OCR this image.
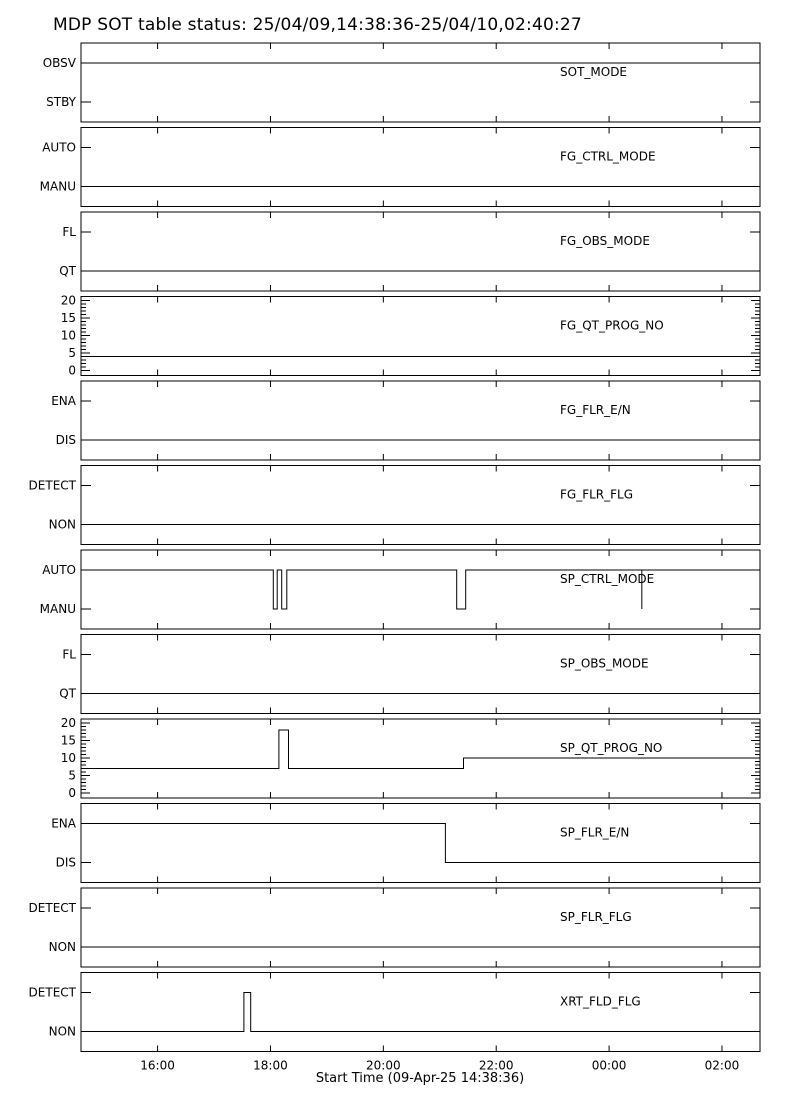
MDP SOT table status: 25/04/09,14:38:36-25/04/10,02:40:27
OBSV
STBY
SOT_MODE
AUTO
MANU
FG_CTRL_MODE
FL
QT
FG_OBS_MODE
0
5
10
15
20
FG_QT_PROG_NO
ENA
DIS
FG_FLR_E/N
DETECT
NON
FG_FLR_FLG
AUTO
MANU
SP_CTRL_MODE
FL
QT
SP_OBS_MODE
0
5
10
15
20
SP_QT_PROG_NO
ENA
DIS
SP_FLR_E/N
DETECT
NON
SP_FLR_FLG
DETECT
NON
XRT_FLD_FLG
16:00	18:00	20:00	22:00	00:00	02:00
Start Time (09-Apr-25 14:38:36)
